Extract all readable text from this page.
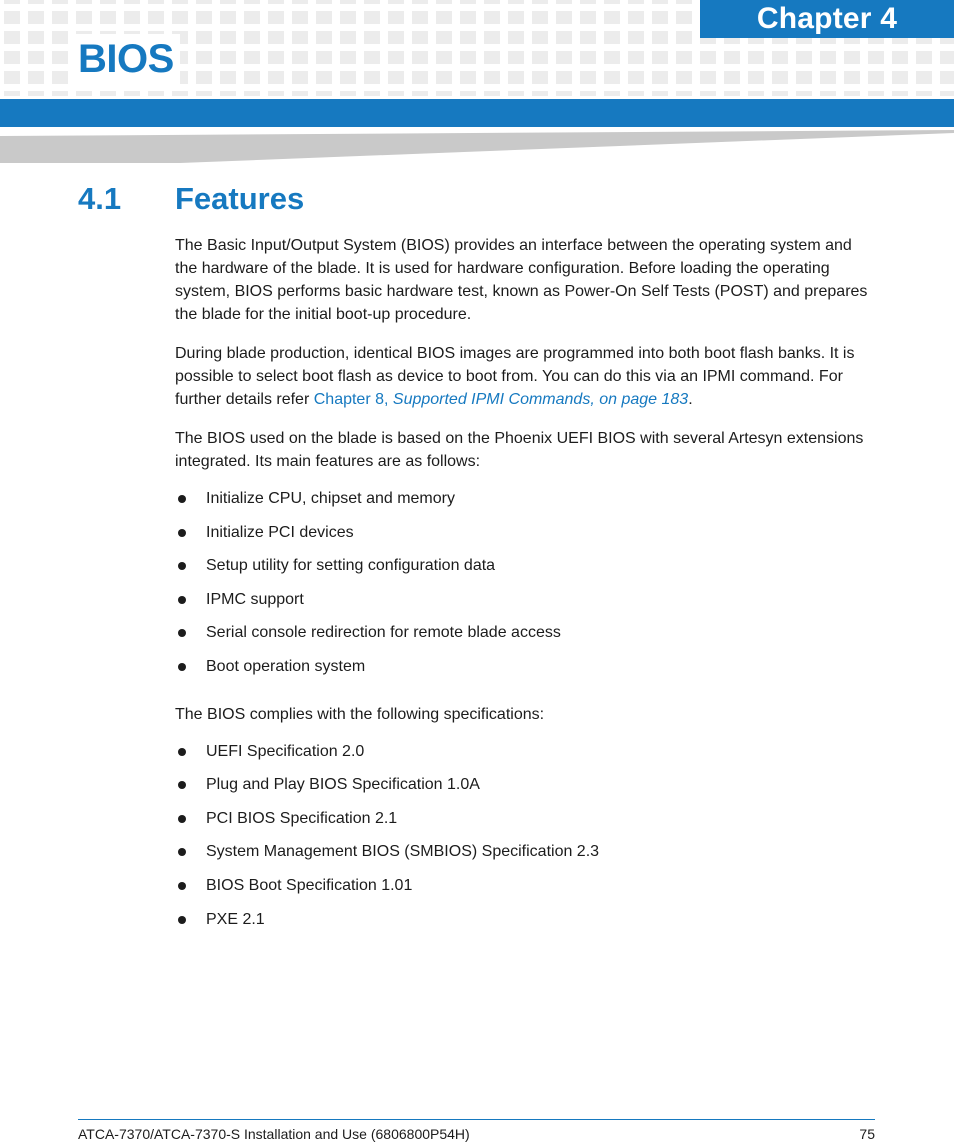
Chapter 4
BIOS
4.1	Features

The Basic Input/Output System (BIOS) provides an interface between the operating system and the hardware of the blade. It is used for hardware configuration. Before loading the operating system, BIOS performs basic hardware test, known as Power-On Self Tests (POST) and prepares the blade for the initial boot-up procedure.

During blade production, identical BIOS images are programmed into both boot flash banks. It is possible to select boot flash as device to boot from. You can do this via an IPMI command. For further details refer Chapter 8, Supported IPMI Commands, on page 183.

The BIOS used on the blade is based on the Phoenix UEFI BIOS with several Artesyn extensions integrated. Its main features are as follows:

Initialize CPU, chipset and memory
Initialize PCI devices
Setup utility for setting configuration data
IPMC support
Serial console redirection for remote blade access
Boot operation system

The BIOS complies with the following specifications:

UEFI Specification 2.0
Plug and Play BIOS Specification 1.0A
PCI BIOS Specification 2.1
System Management BIOS (SMBIOS) Specification 2.3
BIOS Boot Specification 1.01
PXE 2.1
ATCA-7370/ATCA-7370-S Installation and Use (6806800P54H)	75
